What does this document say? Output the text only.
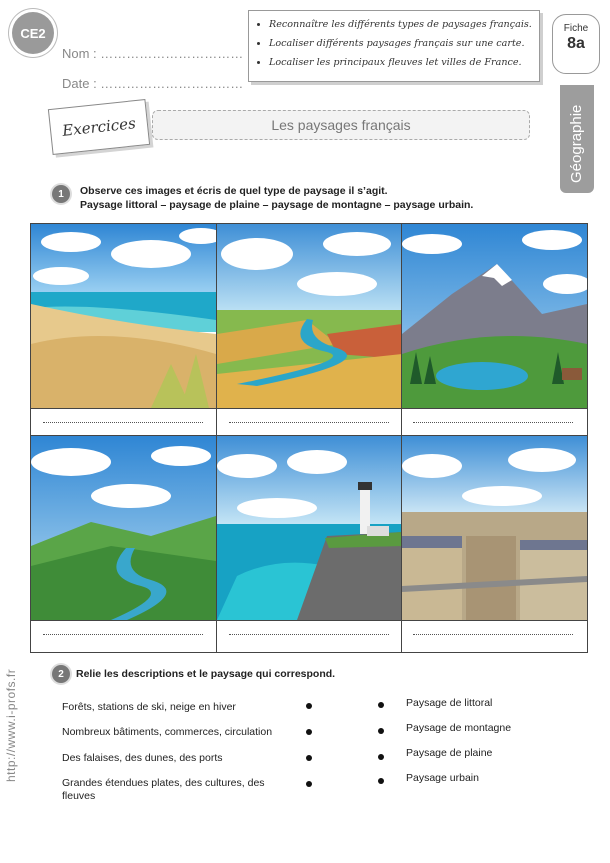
CE2
Nom : ……………………………
Date : ……………………………
• Reconnaître les différents types de paysages français.
• Localiser différents paysages français sur une carte.
• Localiser les principaux fleuves let villes de France.
Fiche
8a
Géographie
Exercices	Les paysages français
1	Observe ces images et écris de quel type de paysage il s’agit.
Paysage littoral – paysage de plaine – paysage de montagne – paysage urbain.
2	Relie les descriptions et le paysage qui correspond.
Forêts, stations de ski, neige en hiver
Nombreux bâtiments, commerces, circulation
Des falaises, des dunes, des ports
Grandes étendues plates, des cultures, des fleuves
Paysage de littoral
Paysage de montagne
Paysage de plaine
Paysage urbain
http://www.i-profs.fr
